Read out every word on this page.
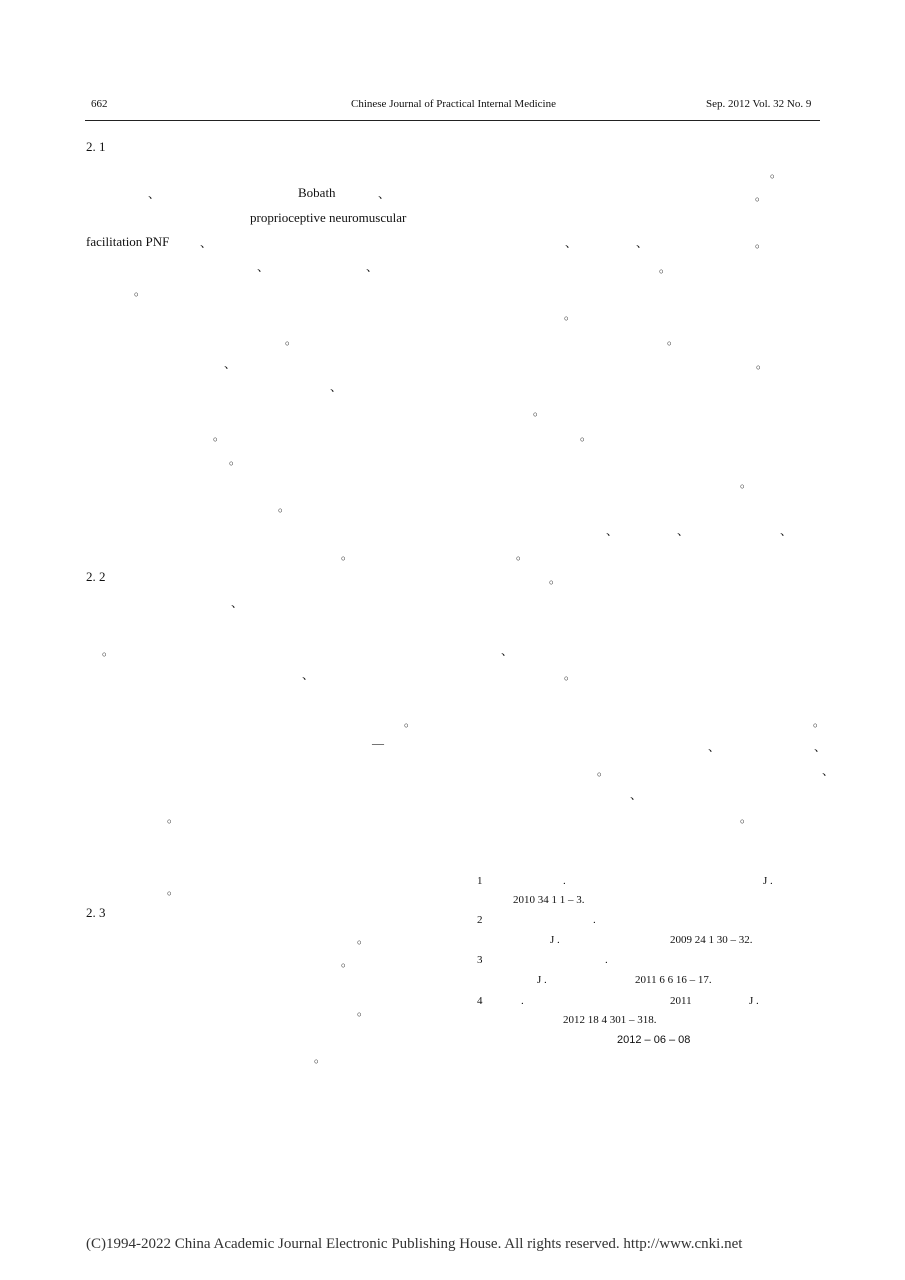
662	Chinese Journal of Practical Internal Medicine	Sep. 2012 Vol. 32 No. 9
2. 1
。
、	Bobath	、	。
proprioceptive neuromuscular
facilitation PNF	、	、	、	。
、	、	。
。
。
。	。
、	。
、
。
。	。
。
。
。
、	、	、
。	。
2. 2	。
、
。	、
、	。
。	。
—	、	、
。	、
、
。	。
。
2. 3
。
。
。
。
1	.	J .
2010 34 1 1 – 3.
2	.
J .	2009 24 1 30 – 32.
3	.
J .	2011 6 6 16 – 17.
4	.	2011	J .
2012 18 4 301 – 318.
2012 – 06 – 08
(C)1994-2022 China Academic Journal Electronic Publishing House. All rights reserved. http://www.cnki.net
